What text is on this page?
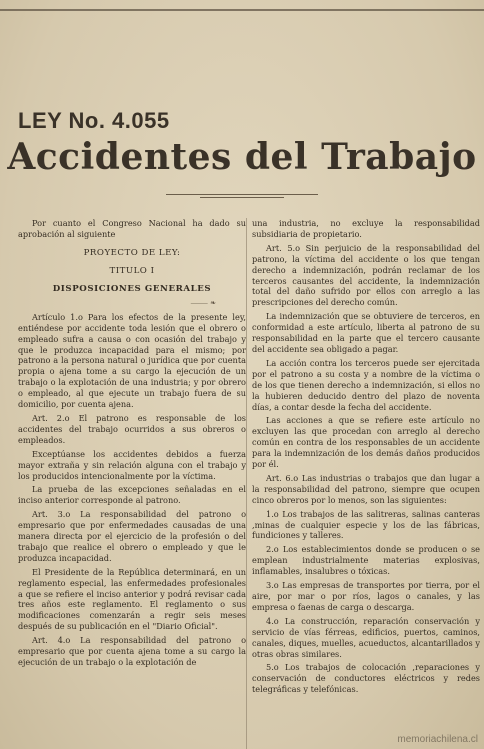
LEY No. 4.055
Accidentes del Trabajo

Por cuanto el Congreso Nacional ha dado su aprobación al siguiente

PROYECTO DE LEY:
TITULO I
DISPOSICIONES GENERALES
⸻ ❧

Artículo 1.o Para los efectos de la presente ley, entiéndese por accidente toda lesión que el obrero o empleado sufra a causa o con ocasión del trabajo y que le produzca incapacidad para el mismo; por patrono a la persona natural o jurídica que por cuenta propia o ajena tome a su cargo la ejecución de un trabajo o la explotación de una industria; y por obrero o empleado, al que ejecute un trabajo fuera de su domicilio, por cuenta ajena.

Art. 2.o El patrono es responsable de los accidentes del trabajo ocurridos a sus obreros o empleados.

Exceptúanse los accidentes debidos a fuerza mayor extraña y sin relación alguna con el trabajo y los producidos intencionalmente por la víctima.

La prueba de las excepciones señaladas en el inciso anterior corresponde al patrono.

Art. 3.o La responsabilidad del patrono o empresario que por enfermedades causadas de una manera directa por el ejercicio de la profesión o del trabajo que realice el obrero o empleado y que le produzca incapacidad.

El Presidente de la República determinará, en un reglamento especial, las enfermedades profesionales a que se refiere el inciso anterior y podrá revisar cada tres años este reglamento. El reglamento o sus modificaciones comenzarán a regir seis meses después de su publicación en el "Diario Oficial".

Art. 4.o La responsabilidad del patrono o empresario que por cuenta ajena tome a su cargo la ejecución de un trabajo o la explotación de

una industria, no excluye la responsabilidad subsidiaria de propietario.

Art. 5.o Sin perjuicio de la responsabilidad del patrono, la víctima del accidente o los que tengan derecho a indemnización, podrán reclamar de los terceros causantes del accidente, la indemnización total del daño sufrido por ellos con arreglo a las prescripciones del derecho común.

La indemnización que se obtuviere de terceros, en conformidad a este artículo, liberta al patrono de su responsabilidad en la parte que el tercero causante del accidente sea obligado a pagar.

La acción contra los terceros puede ser ejercitada por el patrono a su costa y a nombre de la víctima o de los que tienen derecho a indemnización, si ellos no la hubieren deducido dentro del plazo de noventa días, a contar desde la fecha del accidente.

Las acciones a que se refiere este artículo no excluyen las que procedan con arreglo al derecho común en contra de los responsables de un accidente para la indemnización de los demás daños producidos por él.

Art. 6.o Las industrias o trabajos que dan lugar a la responsabilidad del patrono, siempre que ocupen cinco obreros por lo menos, son las siguientes:

1.o Los trabajos de las salitreras, salinas canteras ,minas de cualquier especie y los de las fábricas, fundiciones y talleres.

2.o Los establecimientos donde se producen o se emplean industrialmente materias explosivas, inflamables, insalubres o tóxicas.

3.o Las empresas de transportes por tierra, por el aire, por mar o por ríos, lagos o canales, y las empresa o faenas de carga o descarga.

4.o La construcción, reparación conservación y servicio de vías férreas, edificios, puertos, caminos, canales, diques, muelles, acueductos, alcantarillados y otras obras similares.

5.o Los trabajos de colocación ,reparaciones y conservación de conductores eléctricos y redes telegráficas y telefónicas.

memoriachilena.cl
